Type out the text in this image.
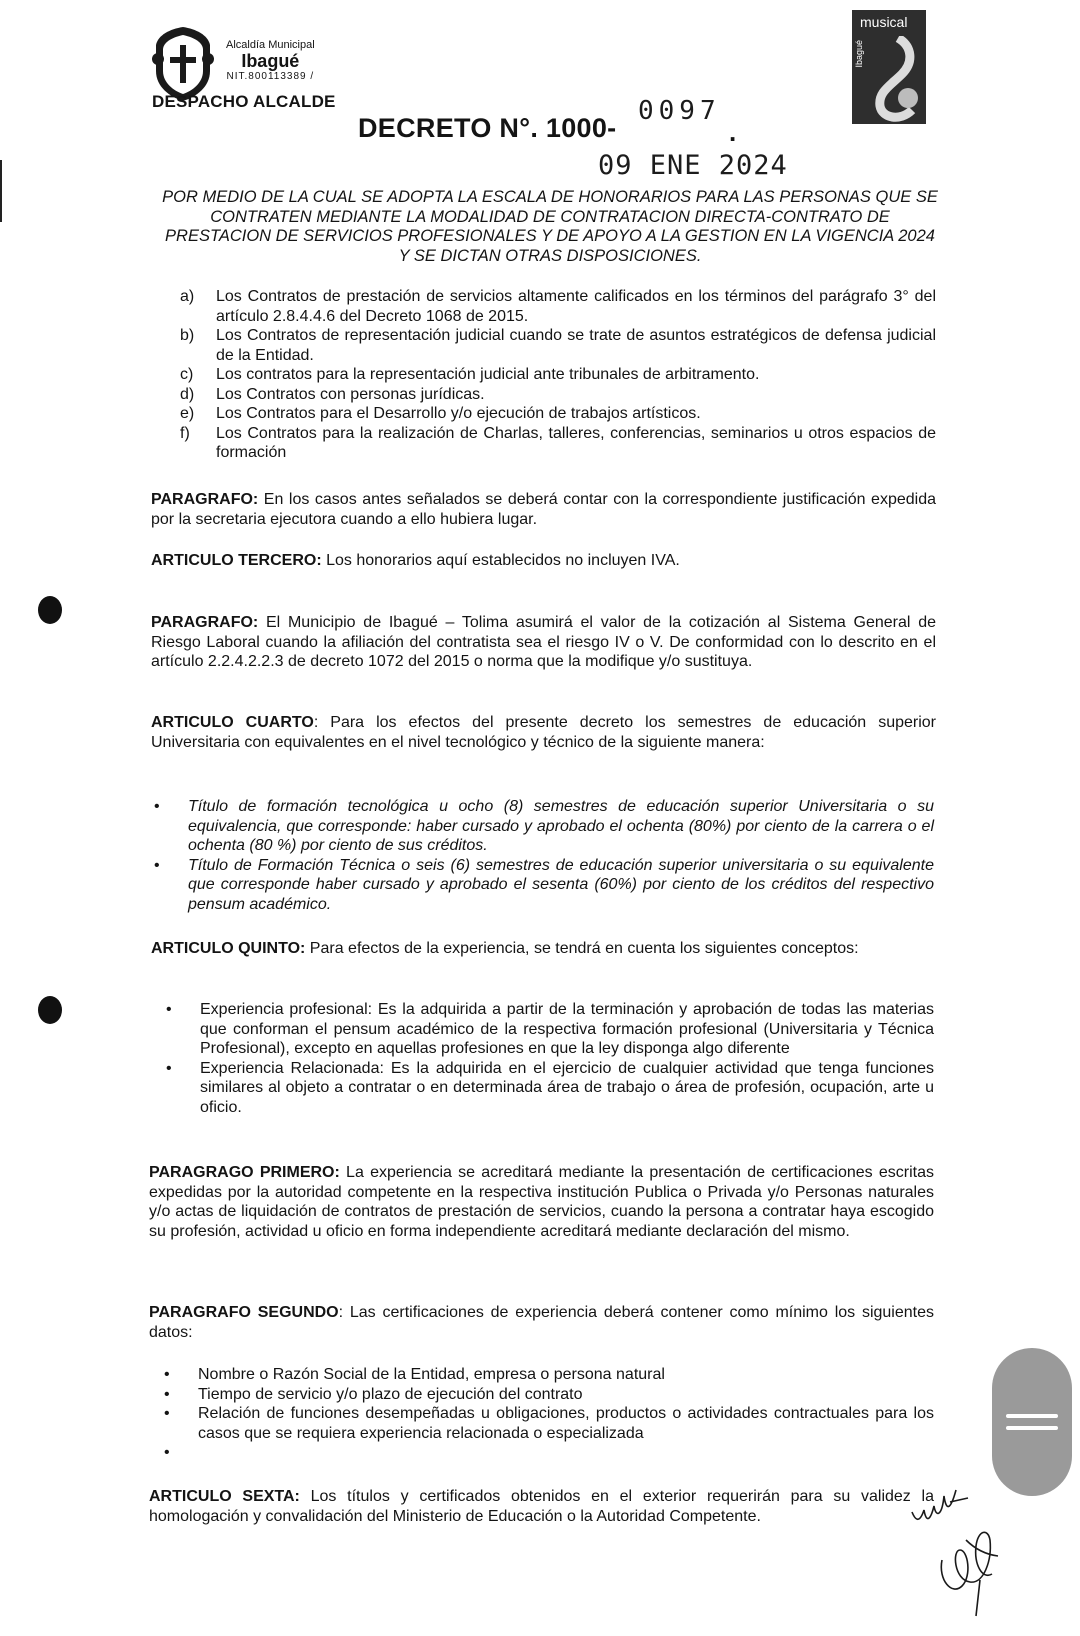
Alcaldía Municipal
Ibagué
NIT.800113389 /
DESPACHO ALCALDE
musical
Ibagué
DECRETO N°. 1000-
0097
.
09 ENE 2024
POR MEDIO DE LA CUAL SE ADOPTA LA ESCALA DE HONORARIOS PARA LAS PERSONAS QUE SE CONTRATEN MEDIANTE LA MODALIDAD DE CONTRATACION DIRECTA-CONTRATO DE PRESTACION DE SERVICIOS PROFESIONALES Y DE APOYO A LA GESTION EN LA VIGENCIA 2024 Y SE DICTAN OTRAS DISPOSICIONES.
a)	Los Contratos de prestación de servicios altamente calificados en los términos del parágrafo 3° del artículo 2.8.4.4.6 del Decreto 1068 de 2015.
b)	Los Contratos de representación judicial cuando se trate de asuntos estratégicos de defensa judicial de la Entidad.
c)	Los contratos para la representación judicial ante tribunales de arbitramento.
d)	Los Contratos con personas jurídicas.
e)	Los Contratos para el Desarrollo y/o ejecución de trabajos artísticos.
f)	Los Contratos para la realización de Charlas, talleres, conferencias, seminarios u otros espacios de formación
PARAGRAFO: En los casos antes señalados se deberá contar con la correspondiente justificación expedida por la secretaria ejecutora cuando a ello hubiera lugar.
ARTICULO TERCERO: Los honorarios aquí establecidos no incluyen IVA.
PARAGRAFO: El Municipio de Ibagué – Tolima asumirá el valor de la cotización al Sistema General de Riesgo Laboral cuando la afiliación del contratista sea el riesgo IV o V. De conformidad con lo descrito en el artículo 2.2.4.2.2.3 de decreto 1072 del 2015 o norma que la modifique y/o sustituya.
ARTICULO CUARTO: Para los efectos del presente decreto los semestres de educación superior Universitaria con equivalentes en el nivel tecnológico y técnico de la siguiente manera:
•	Título de formación tecnológica u ocho (8) semestres de educación superior Universitaria o su equivalencia, que corresponde: haber cursado y aprobado el ochenta (80%) por ciento de la carrera o el ochenta (80 %) por ciento de sus créditos.
•	Título de Formación Técnica o seis (6) semestres de educación superior universitaria o su equivalente que corresponde haber cursado y aprobado el sesenta (60%) por ciento de los créditos del respectivo pensum académico.
ARTICULO QUINTO: Para efectos de la experiencia, se tendrá en cuenta los siguientes conceptos:
•	Experiencia profesional: Es la adquirida a partir de la terminación y aprobación de todas las materias que conforman el pensum académico de la respectiva formación profesional (Universitaria y Técnica Profesional), excepto en aquellas profesiones en que la ley disponga algo diferente
•	Experiencia Relacionada: Es la adquirida en el ejercicio de cualquier actividad que tenga funciones similares al objeto a contratar o en determinada área de trabajo o área de profesión, ocupación, arte u oficio.
PARAGRAGO PRIMERO: La experiencia se acreditará mediante la presentación de certificaciones escritas expedidas por la autoridad competente en la respectiva institución Publica o Privada y/o Personas naturales y/o actas de liquidación de contratos de prestación de servicios, cuando la persona a contratar haya escogido su profesión, actividad u oficio en forma independiente acreditará mediante declaración del mismo.
PARAGRAFO SEGUNDO: Las certificaciones de experiencia deberá contener como mínimo los siguientes datos:
•	Nombre o Razón Social de la Entidad, empresa o persona natural
•	Tiempo de servicio y/o plazo de ejecución del contrato
•	Relación de funciones desempeñadas u obligaciones, productos o actividades contractuales para los casos que se requiera experiencia relacionada o especializada
•
ARTICULO SEXTA: Los títulos y certificados obtenidos en el exterior requerirán para su validez la homologación y convalidación del Ministerio de Educación o la Autoridad Competente.
